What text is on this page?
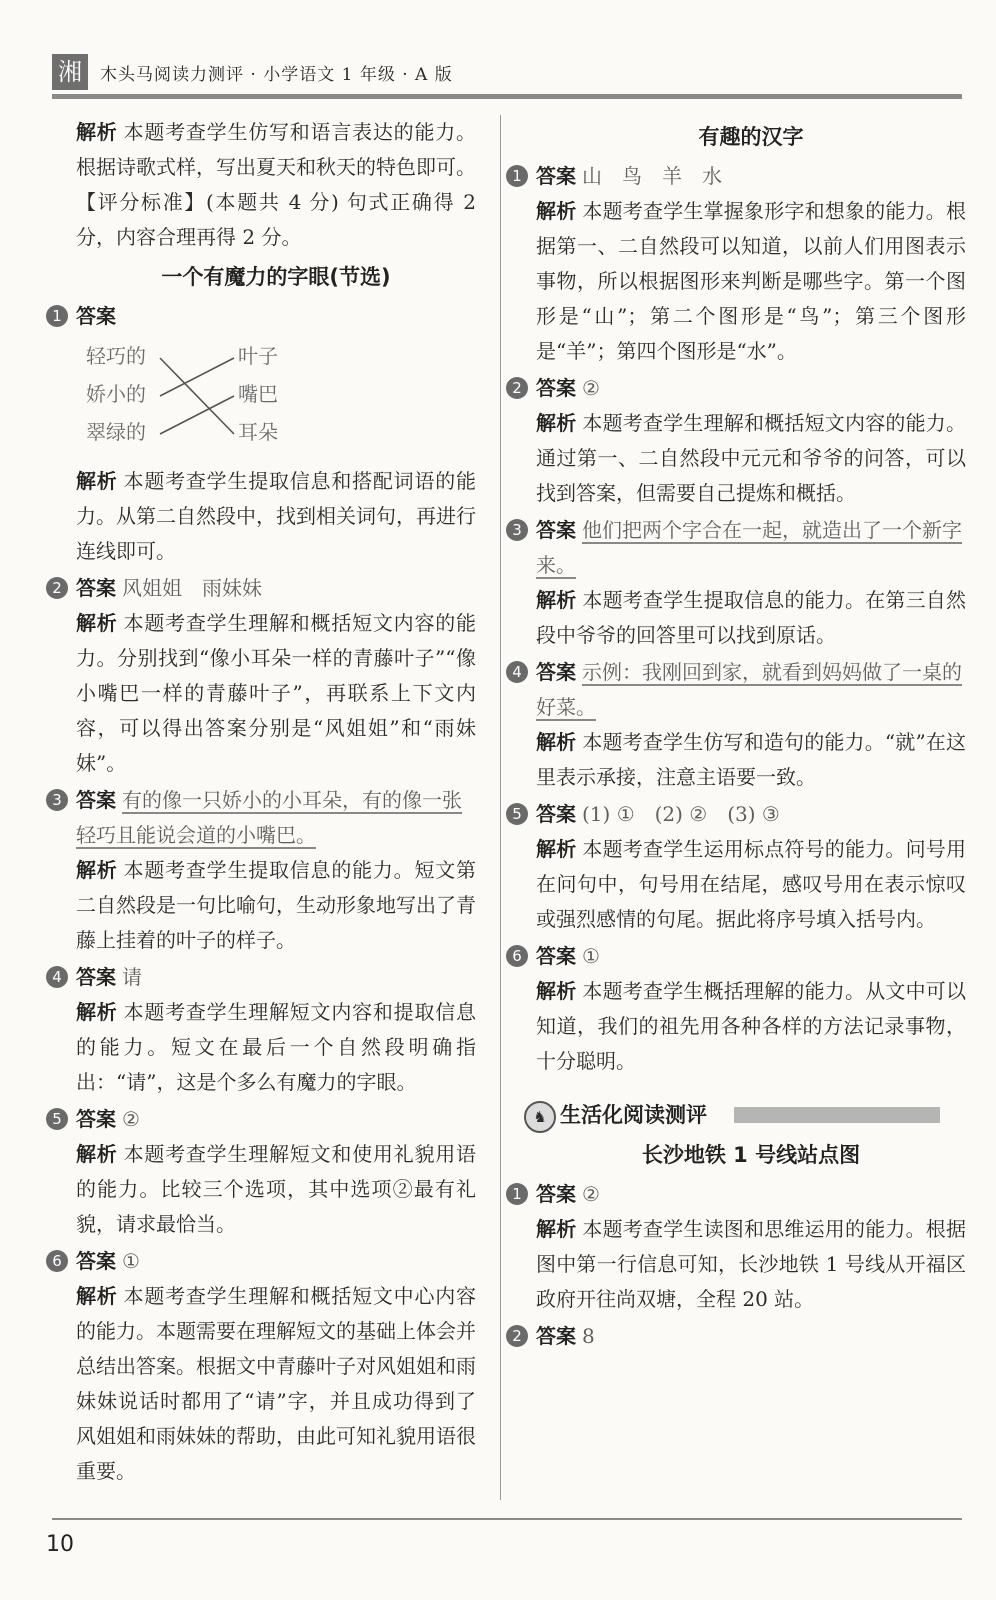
湘	木头马阅读力测评 · 小学语文 1 年级 · A 版

解析 本题考查学生仿写和语言表达的能力。根据诗歌式样，写出夏天和秋天的特色即可。

【评分标准】(本题共 4 分) 句式正确得 2 分，内容合理再得 2 分。

一个有魔力的字眼(节选)
1 答案
轻巧的
娇小的
翠绿的
叶子
嘴巴
耳朵

解析 本题考查学生提取信息和搭配词语的能力。从第二自然段中，找到相关词句，再进行连线即可。

2 答案 风姐姐　雨妹妹

解析 本题考查学生理解和概括短文内容的能力。分别找到“像小耳朵一样的青藤叶子”“像小嘴巴一样的青藤叶子”，再联系上下文内容，可以得出答案分别是“风姐姐”和“雨妹妹”。

3 答案 有的像一只娇小的小耳朵，有的像一张轻巧且能说会道的小嘴巴。

解析 本题考查学生提取信息的能力。短文第二自然段是一句比喻句，生动形象地写出了青藤上挂着的叶子的样子。

4 答案 请

解析 本题考查学生理解短文内容和提取信息的能力。短文在最后一个自然段明确指出：“请”，这是个多么有魔力的字眼。

5 答案 ②

解析 本题考查学生理解短文和使用礼貌用语的能力。比较三个选项，其中选项②最有礼貌，请求最恰当。

6 答案 ①

解析 本题考查学生理解和概括短文中心内容的能力。本题需要在理解短文的基础上体会并总结出答案。根据文中青藤叶子对风姐姐和雨妹妹说话时都用了“请”字，并且成功得到了风姐姐和雨妹妹的帮助，由此可知礼貌用语很重要。

有趣的汉字
1 答案 山　鸟　羊　水

解析 本题考查学生掌握象形字和想象的能力。根据第一、二自然段可以知道，以前人们用图表示事物，所以根据图形来判断是哪些字。第一个图形是“山”；第二个图形是“鸟”；第三个图形是“羊”；第四个图形是“水”。

2 答案 ②

解析 本题考查学生理解和概括短文内容的能力。通过第一、二自然段中元元和爷爷的问答，可以找到答案，但需要自己提炼和概括。

3 答案 他们把两个字合在一起，就造出了一个新字来。

解析 本题考查学生提取信息的能力。在第三自然段中爷爷的回答里可以找到原话。

4 答案 示例：我刚回到家，就看到妈妈做了一桌的好菜。

解析 本题考查学生仿写和造句的能力。“就”在这里表示承接，注意主语要一致。

5 答案 (1) ①　(2) ②　(3) ③

解析 本题考查学生运用标点符号的能力。问号用在问句中，句号用在结尾，感叹号用在表示惊叹或强烈感情的句尾。据此将序号填入括号内。

6 答案 ①

解析 本题考查学生概括理解的能力。从文中可以知道，我们的祖先用各种各样的方法记录事物，十分聪明。

♞ 生活化阅读测评
长沙地铁 1 号线站点图
1 答案 ②

解析 本题考查学生读图和思维运用的能力。根据图中第一行信息可知，长沙地铁 1 号线从开福区政府开往尚双塘，全程 20 站。

2 答案 8
10
